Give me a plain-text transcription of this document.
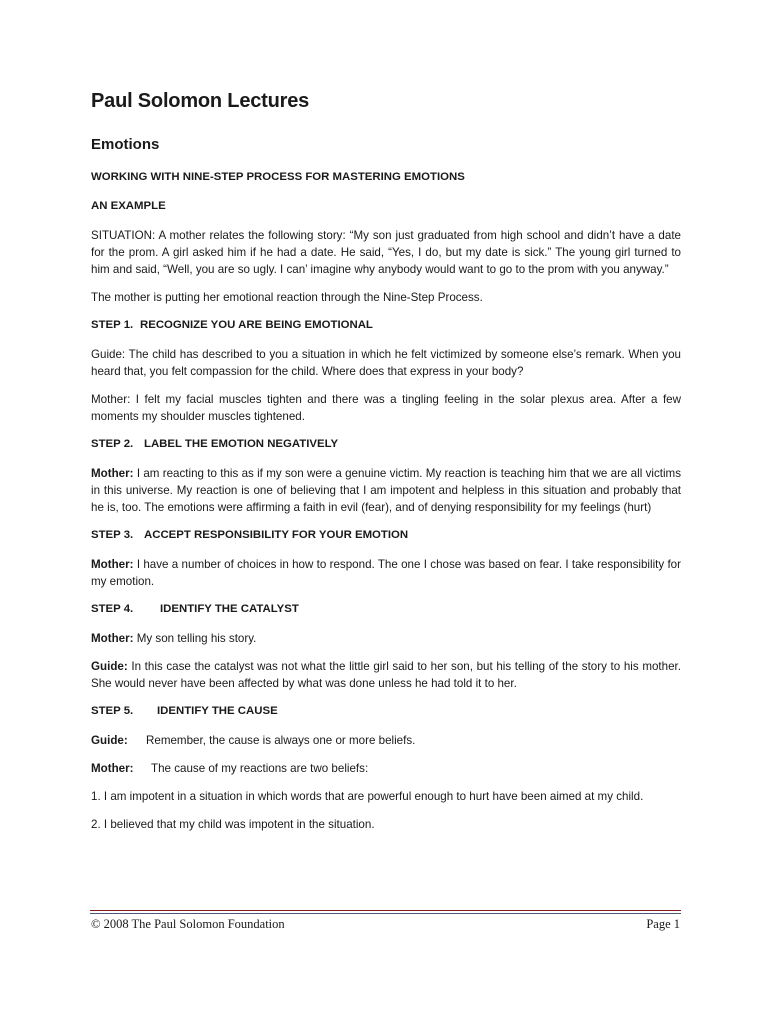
Paul Solomon Lectures
Emotions

WORKING WITH NINE-STEP PROCESS FOR MASTERING EMOTIONS

AN EXAMPLE

SITUATION: A mother relates the following story: “My son just graduated from high school and didn’t have a date for the prom. A girl asked him if he had a date. He said, “Yes, I do, but my date is sick.” The young girl turned to him and said, “Well, you are so ugly. I can’ imagine why anybody would want to go to the prom with you anyway.”

The mother is putting her emotional reaction through the Nine-Step Process.

STEP 1. RECOGNIZE YOU ARE BEING EMOTIONAL

Guide: The child has described to you a situation in which he felt victimized by someone else’s remark. When you heard that, you felt compassion for the child. Where does that express in your body?

Mother: I felt my facial muscles tighten and there was a tingling feeling in the solar plexus area. After a few moments my shoulder muscles tightened.

STEP 2. LABEL THE EMOTION NEGATIVELY

Mother: I am reacting to this as if my son were a genuine victim. My reaction is teaching him that we are all victims in this universe. My reaction is one of believing that I am impotent and helpless in this situation and probably that he is, too. The emotions were affirming a faith in evil (fear), and of denying responsibility for my feelings (hurt)

STEP 3. ACCEPT RESPONSIBILITY FOR YOUR EMOTION

Mother: I have a number of choices in how to respond. The one I chose was based on fear. I take responsibility for my emotion.

STEP 4. IDENTIFY THE CATALYST

Mother: My son telling his story.

Guide: In this case the catalyst was not what the little girl said to her son, but his telling of the story to his mother. She would never have been affected by what was done unless he had told it to her.

STEP 5. IDENTIFY THE CAUSE

Guide: Remember, the cause is always one or more beliefs.

Mother: The cause of my reactions are two beliefs:

1. I am impotent in a situation in which words that are powerful enough to hurt have been aimed at my child.

2. I believed that my child was impotent in the situation.

© 2008 The Paul Solomon Foundation	Page 1
